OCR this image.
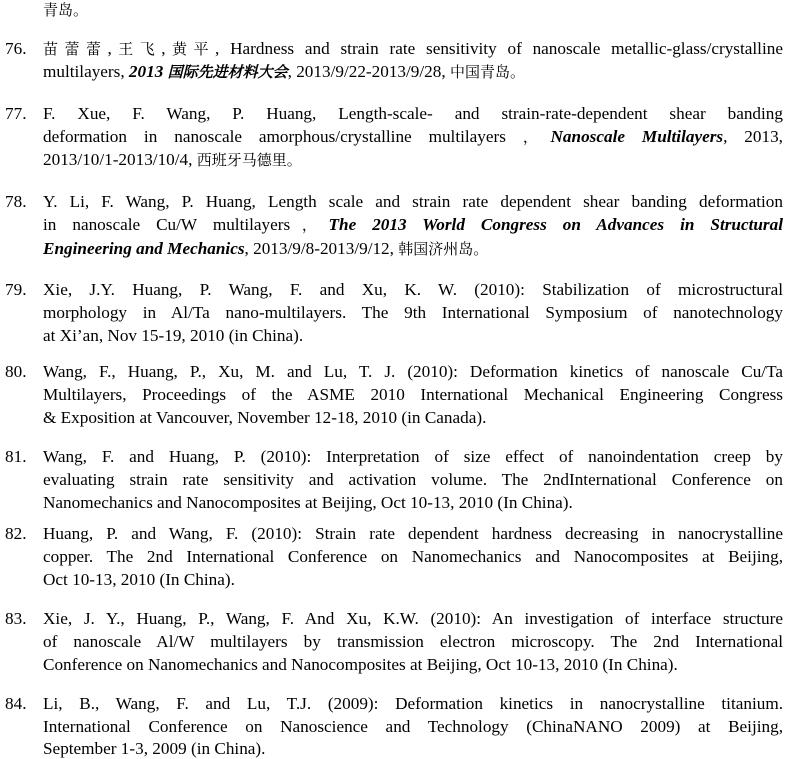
青岛。
76. 苗蕾蕾,王飞,黄平, Hardness and strain rate sensitivity of nanoscale metallic-glass/crystalline
multilayers, 2013 国际先进材料大会, 2013/9/22-2013/9/28, 中国青岛。
77. F. Xue, F. Wang, P. Huang, Length-scale- and strain-rate-dependent shear banding
deformation in nanoscale amorphous/crystalline multilayers ，Nanoscale Multilayers, 2013,
2013/10/1-2013/10/4, 西班牙马德里。
78. Y. Li, F. Wang, P. Huang, Length scale and strain rate dependent shear banding deformation
in nanoscale Cu/W multilayers，The 2013 World Congress on Advances in Structural
Engineering and Mechanics, 2013/9/8-2013/9/12, 韩国济州岛。
79. Xie, J.Y. Huang, P. Wang, F. and Xu, K. W. (2010): Stabilization of microstructural
morphology in Al/Ta nano-multilayers. The 9th International Symposium of nanotechnology
at Xi’an, Nov 15-19, 2010 (in China).
80. Wang, F., Huang, P., Xu, M. and Lu, T. J. (2010): Deformation kinetics of nanoscale Cu/Ta
Multilayers, Proceedings of the ASME 2010 International Mechanical Engineering Congress
& Exposition at Vancouver, November 12-18, 2010 (in Canada).
81. Wang, F. and Huang, P. (2010): Interpretation of size effect of nanoindentation creep by
evaluating strain rate sensitivity and activation volume. The 2ndInternational Conference on
Nanomechanics and Nanocomposites at Beijing, Oct 10-13, 2010 (In China).
82. Huang, P. and Wang, F. (2010): Strain rate dependent hardness decreasing in nanocrystalline
copper. The 2nd International Conference on Nanomechanics and Nanocomposites at Beijing,
Oct 10-13, 2010 (In China).
83. Xie, J. Y., Huang, P., Wang, F. And Xu, K.W. (2010): An investigation of interface structure
of nanoscale Al/W multilayers by transmission electron microscopy. The 2nd International
Conference on Nanomechanics and Nanocomposites at Beijing, Oct 10-13, 2010 (In China).
84. Li, B., Wang, F. and Lu, T.J. (2009): Deformation kinetics in nanocrystalline titanium.
International Conference on Nanoscience and Technology (ChinaNANO 2009) at Beijing,
September 1-3, 2009 (in China).
